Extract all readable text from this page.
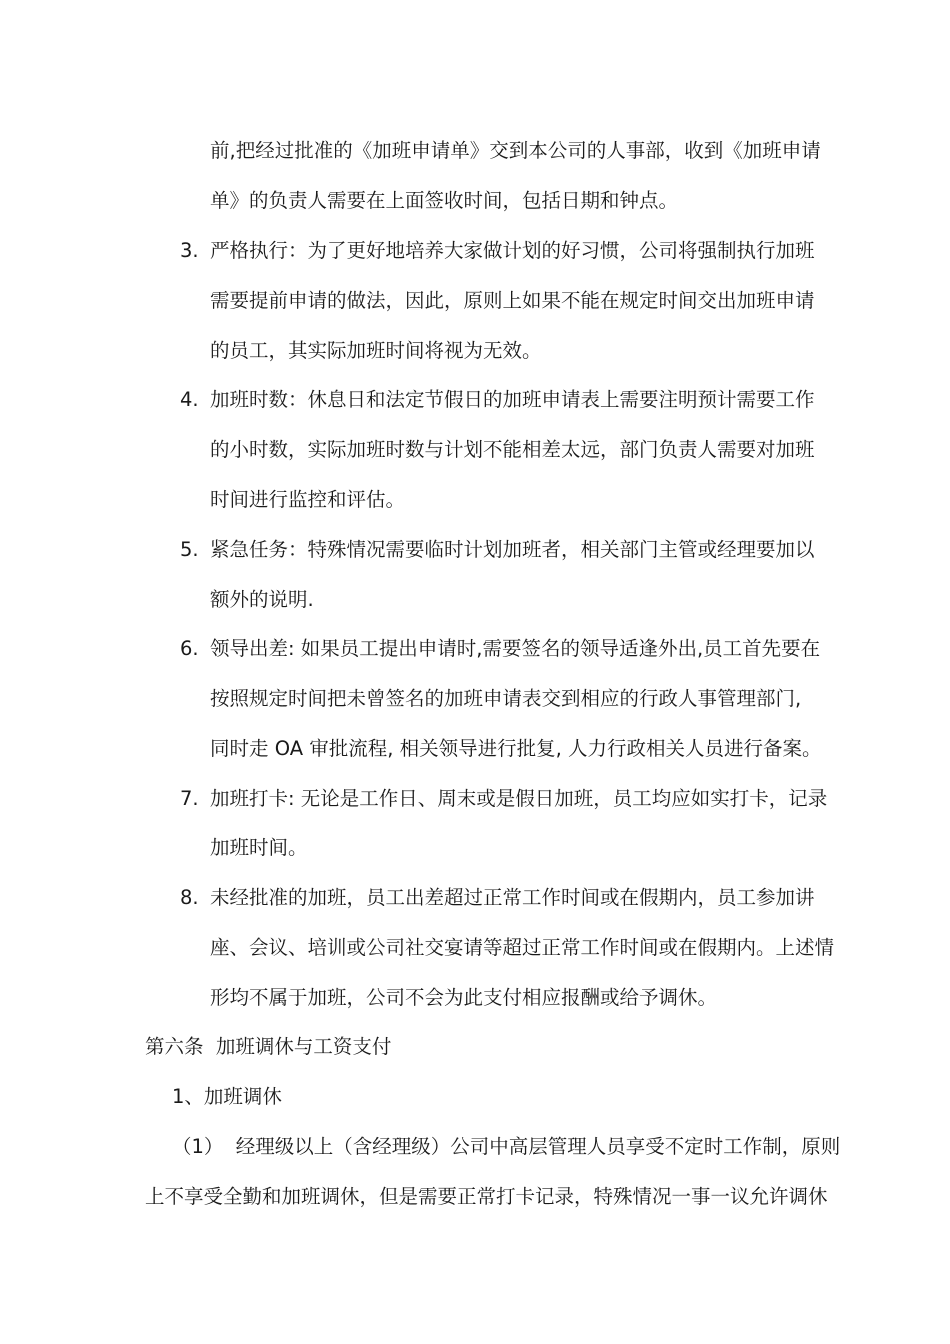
前,把经过批准的《加班申请单》交到本公司的人事部，收到《加班申请
单》的负责人需要在上面签收时间，包括日期和钟点。
3. 严格执行：为了更好地培养大家做计划的好习惯，公司将强制执行加班
需要提前申请的做法，因此，原则上如果不能在规定时间交出加班申请
的员工，其实际加班时间将视为无效。
4. 加班时数：休息日和法定节假日的加班申请表上需要注明预计需要工作
的小时数，实际加班时数与计划不能相差太远，部门负责人需要对加班
时间进行监控和评估。
5. 紧急任务：特殊情况需要临时计划加班者，相关部门主管或经理要加以
额外的说明.
6. 领导出差: 如果员工提出申请时,需要签名的领导适逢外出,员工首先要在
按照规定时间把未曾签名的加班申请表交到相应的行政人事管理部门,
同时走 OA 审批流程, 相关领导进行批复, 人力行政相关人员进行备案。
7. 加班打卡: 无论是工作日、周末或是假日加班，员工均应如实打卡，记录
加班时间。
8. 未经批准的加班，员工出差超过正常工作时间或在假期内，员工参加讲
座、会议、培训或公司社交宴请等超过正常工作时间或在假期内。上述情
形均不属于加班，公司不会为此支付相应报酬或给予调休。
第六条  加班调休与工资支付
1、加班调休
（1）  经理级以上（含经理级）公司中高层管理人员享受不定时工作制，原则
上不享受全勤和加班调休，但是需要正常打卡记录，特殊情况一事一议允许调休
